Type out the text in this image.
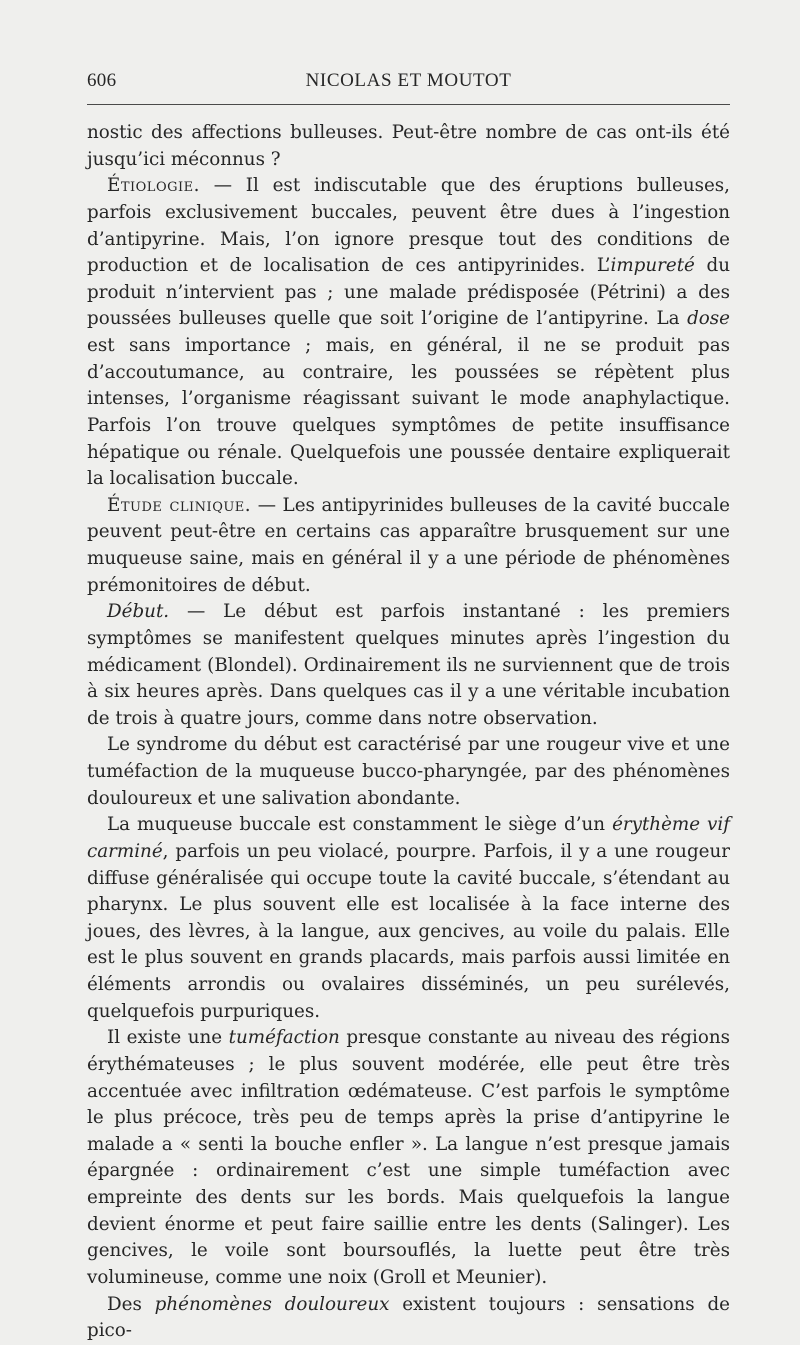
606	NICOLAS ET MOUTOT

nostic des affections bulleuses. Peut-être nombre de cas ont-ils été jusqu’ici méconnus ?

Étiologie. — Il est indiscutable que des éruptions bulleuses, parfois exclusivement buccales, peuvent être dues à l’ingestion d’antipyrine. Mais, l’on ignore presque tout des conditions de production et de localisation de ces antipyrinides. L’impureté du produit n’intervient pas ; une malade prédisposée (Pétrini) a des poussées bulleuses quelle que soit l’origine de l’antipyrine. La dose est sans importance ; mais, en général, il ne se produit pas d’accoutumance, au contraire, les poussées se répètent plus intenses, l’organisme réagissant suivant le mode anaphylactique. Parfois l’on trouve quelques symptômes de petite insuffisance hépatique ou rénale. Quelquefois une poussée dentaire expliquerait la localisation buccale.

Étude clinique. — Les antipyrinides bulleuses de la cavité buccale peuvent peut-être en certains cas apparaître brusquement sur une muqueuse saine, mais en général il y a une période de phénomènes prémonitoires de début.

Début. — Le début est parfois instantané : les premiers symptômes se manifestent quelques minutes après l’ingestion du médicament (Blondel). Ordinairement ils ne surviennent que de trois à six heures après. Dans quelques cas il y a une véritable incubation de trois à quatre jours, comme dans notre observation.

Le syndrome du début est caractérisé par une rougeur vive et une tuméfaction de la muqueuse bucco-pharyngée, par des phénomènes douloureux et une salivation abondante.

La muqueuse buccale est constamment le siège d’un érythème vif carminé, parfois un peu violacé, pourpre. Parfois, il y a une rougeur diffuse généralisée qui occupe toute la cavité buccale, s’étendant au pharynx. Le plus souvent elle est localisée à la face interne des joues, des lèvres, à la langue, aux gencives, au voile du palais. Elle est le plus souvent en grands placards, mais parfois aussi limitée en éléments arrondis ou ovalaires disséminés, un peu surélevés, quelquefois purpuriques.

Il existe une tuméfaction presque constante au niveau des régions érythémateuses ; le plus souvent modérée, elle peut être très accentuée avec infiltration œdémateuse. C’est parfois le symptôme le plus précoce, très peu de temps après la prise d’antipyrine le malade a « senti la bouche enfler ». La langue n’est presque jamais épargnée : ordinairement c’est une simple tuméfaction avec empreinte des dents sur les bords. Mais quelquefois la langue devient énorme et peut faire saillie entre les dents (Salinger). Les gencives, le voile sont boursouflés, la luette peut être très volumineuse, comme une noix (Groll et Meunier).

Des phénomènes douloureux existent toujours : sensations de pico-
